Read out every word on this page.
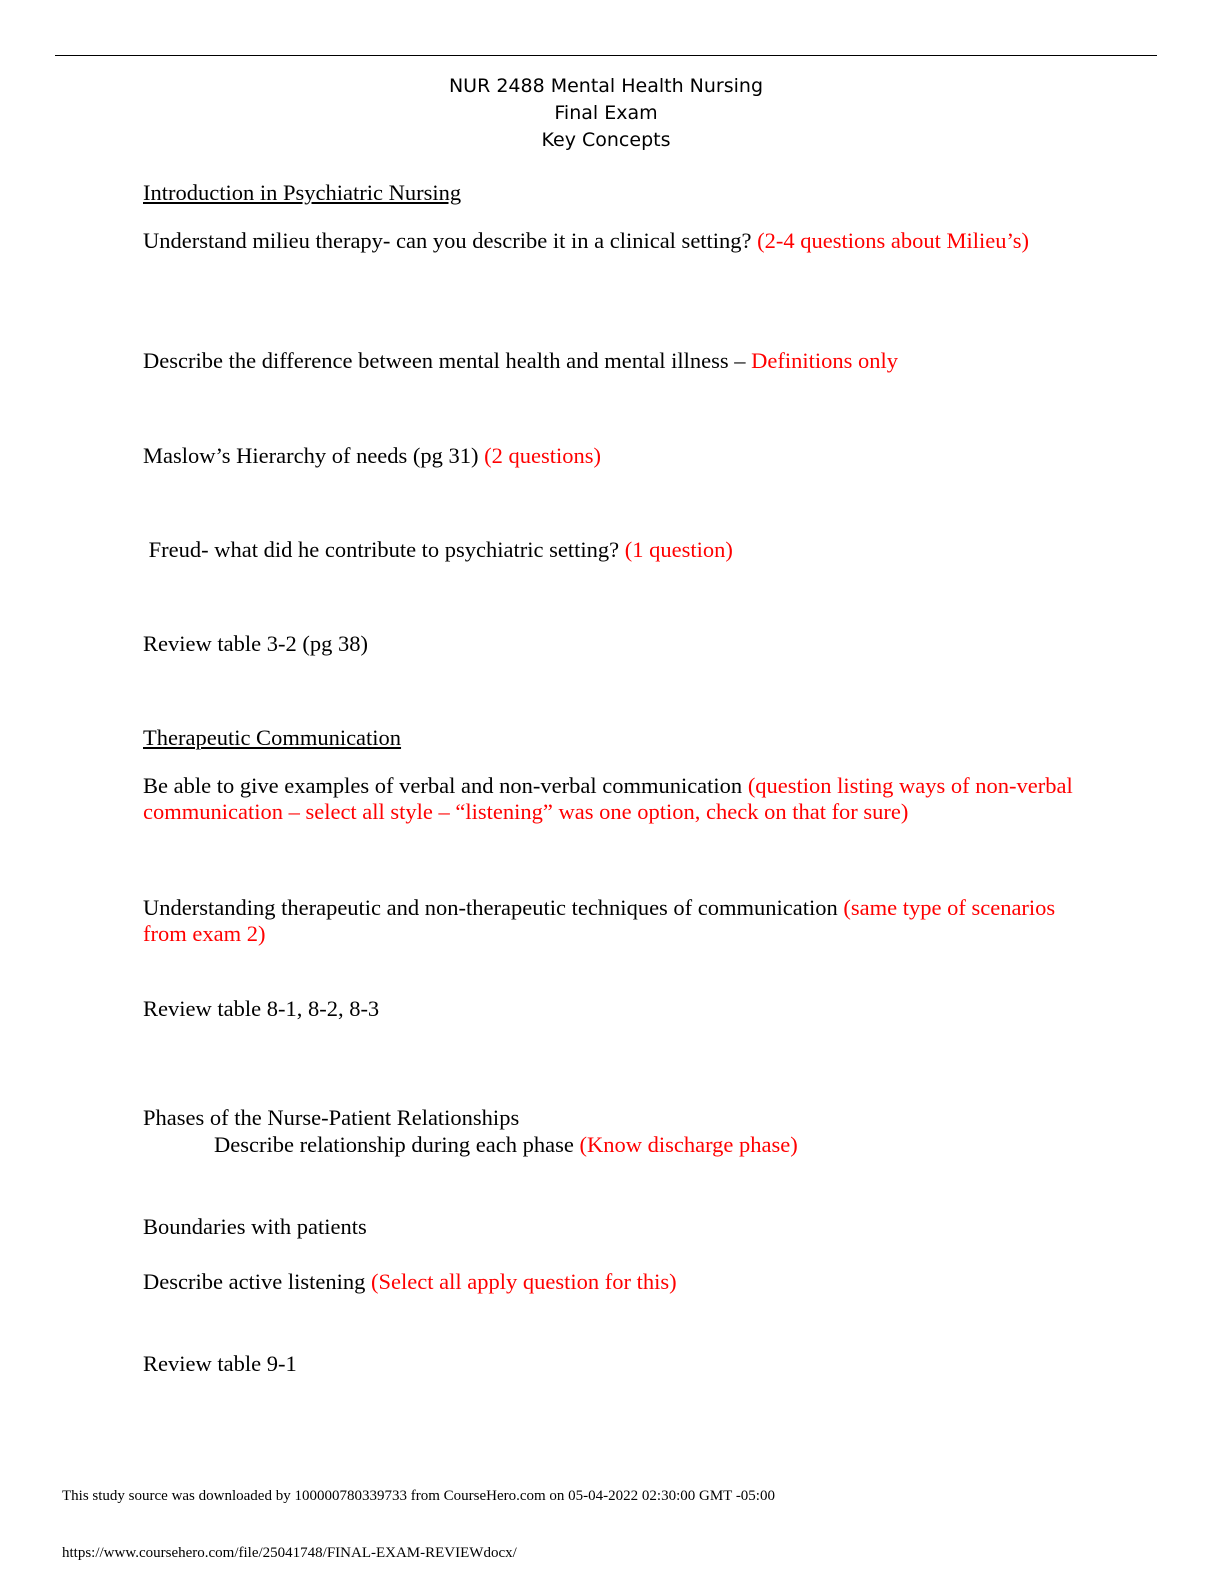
NUR 2488 Mental Health Nursing
Final Exam
Key Concepts

Introduction in Psychiatric Nursing

Understand milieu therapy- can you describe it in a clinical setting? (2-4 questions about Milieu’s)

Describe the difference between mental health and mental illness – Definitions only

Maslow’s Hierarchy of needs (pg 31) (2 questions)

Freud- what did he contribute to psychiatric setting? (1 question)

Review table 3-2 (pg 38)

Therapeutic Communication

Be able to give examples of verbal and non-verbal communication (question listing ways of non-verbal communication – select all style – “listening” was one option, check on that for sure)

Understanding therapeutic and non-therapeutic techniques of communication (same type of scenarios from exam 2)

Review table 8-1, 8-2, 8-3

Phases of the Nurse-Patient Relationships

Describe relationship during each phase (Know discharge phase)

Boundaries with patients

Describe active listening (Select all apply question for this)

Review table 9-1

This study source was downloaded by 100000780339733 from CourseHero.com on 05-04-2022 02:30:00 GMT -05:00
https://www.coursehero.com/file/25041748/FINAL-EXAM-REVIEWdocx/
